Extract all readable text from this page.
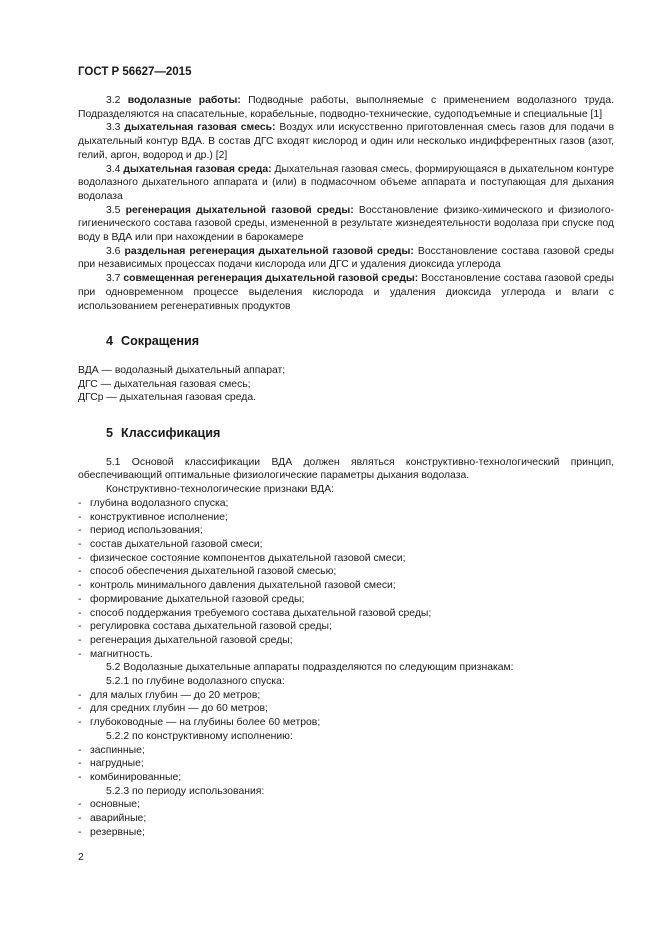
ГОСТ Р 56627—2015

3.2 водолазные работы: Подводные работы, выполняемые с применением водолазного труда. Подразделяются на спасательные, корабельные, подводно-технические, судоподъемные и специальные [1]

3.3 дыхательная газовая смесь: Воздух или искусственно приготовленная смесь газов для подачи в дыхательный контур ВДА. В состав ДГС входят кислород и один или несколько индифферентных газов (азот, гелий, аргон, водород и др.) [2]

3.4 дыхательная газовая среда: Дыхательная газовая смесь, формирующаяся в дыхательном контуре водолазного дыхательного аппарата и (или) в подмасочном объеме аппарата и поступающая для дыхания водолаза

3.5 регенерация дыхательной газовой среды: Восстановление физико-химического и физиолого-гигиенического состава газовой среды, измененной в результате жизнедеятельности водолаза при спуске под воду в ВДА или при нахождении в барокамере

3.6 раздельная регенерация дыхательной газовой среды: Восстановление состава газовой среды при независимых процессах подачи кислорода или ДГС и удаления диоксида углерода

3.7 совмещенная регенерация дыхательной газовой среды: Восстановление состава газовой среды при одновременном процессе выделения кислорода и удаления диоксида углерода и влаги с использованием регенеративных продуктов

4 Сокращения

ВДА — водолазный дыхательный аппарат;

ДГС — дыхательная газовая смесь;

ДГСр — дыхательная газовая среда.

5 Классификация

5.1 Основой классификации ВДА должен являться конструктивно-технологический принцип, обеспечивающий оптимальные физиологические параметры дыхания водолаза.

Конструктивно-технологические признаки ВДА:

- глубина водолазного спуска;

- конструктивное исполнение;

- период использования;

- состав дыхательной газовой смеси;

- физическое состояние компонентов дыхательной газовой смеси;

- способ обеспечения дыхательной газовой смесью;

- контроль минимального давления дыхательной газовой смеси;

- формирование дыхательной газовой среды;

- способ поддержания требуемого состава дыхательной газовой среды;

- регулировка состава дыхательной газовой среды;

- регенерация дыхательной газовой среды;

- магнитность.

5.2 Водолазные дыхательные аппараты подразделяются по следующим признакам:

5.2.1 по глубине водолазного спуска:

- для малых глубин — до 20 метров;

- для средних глубин — до 60 метров;

- глубоководные — на глубины более 60 метров;

5.2.2 по конструктивному исполнению:

- заспинные;

- нагрудные;

- комбинированные;

5.2.3 по периоду использования:

- основные;

- аварийные;

- резервные;

2
